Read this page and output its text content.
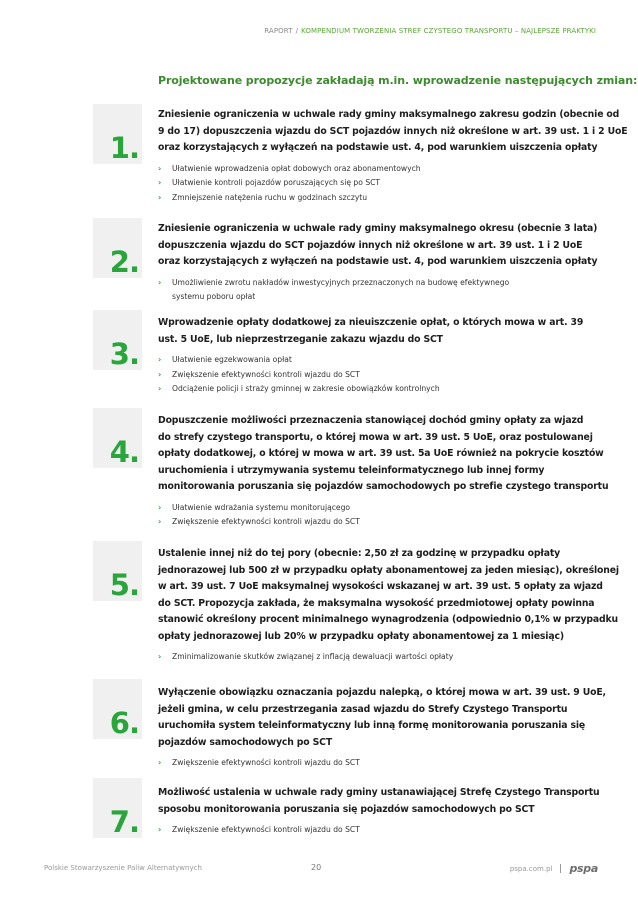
RAPORT / KOMPENDIUM TWORZENIA STREF CZYSTEGO TRANSPORTU – NAJLEPSZE PRAKTYKI
Projektowane propozycje zakładają m.in. wprowadzenie następujących zmian:
1.
Zniesienie ograniczenia w uchwale rady gminy maksymalnego zakresu godzin (obecnie od
9 do 17) dopuszczenia wjazdu do SCT pojazdów innych niż określone w art. 39 ust. 1 i 2 UoE
oraz korzystających z wyłączeń na podstawie ust. 4, pod warunkiem uiszczenia opłaty
› Ułatwienie wprowadzenia opłat dobowych oraz abonamentowych
› Ułatwienie kontroli pojazdów poruszających się po SCT
› Zmniejszenie natężenia ruchu w godzinach szczytu
2.
Zniesienie ograniczenia w uchwale rady gminy maksymalnego okresu (obecnie 3 lata)
dopuszczenia wjazdu do SCT pojazdów innych niż określone w art. 39 ust. 1 i 2 UoE
oraz korzystających z wyłączeń na podstawie ust. 4, pod warunkiem uiszczenia opłaty
› Umożliwienie zwrotu nakładów inwestycyjnych przeznaczonych na budowę efektywnego
systemu poboru opłat
3.
Wprowadzenie opłaty dodatkowej za nieuiszczenie opłat, o których mowa w art. 39
ust. 5 UoE, lub nieprzestrzeganie zakazu wjazdu do SCT
› Ułatwienie egzekwowania opłat
› Zwiększenie efektywności kontroli wjazdu do SCT
› Odciążenie policji i straży gminnej w zakresie obowiązków kontrolnych
4.
Dopuszczenie możliwości przeznaczenia stanowiącej dochód gminy opłaty za wjazd
do strefy czystego transportu, o której mowa w art. 39 ust. 5 UoE, oraz postulowanej
opłaty dodatkowej, o której w mowa w art. 39 ust. 5a UoE również na pokrycie kosztów
uruchomienia i utrzymywania systemu teleinformatycznego lub innej formy
monitorowania poruszania się pojazdów samochodowych po strefie czystego transportu
› Ułatwienie wdrażania systemu monitorującego
› Zwiększenie efektywności kontroli wjazdu do SCT
5.
Ustalenie innej niż do tej pory (obecnie: 2,50 zł za godzinę w przypadku opłaty
jednorazowej lub 500 zł w przypadku opłaty abonamentowej za jeden miesiąc), określonej
w art. 39 ust. 7 UoE maksymalnej wysokości wskazanej w art. 39 ust. 5 opłaty za wjazd
do SCT. Propozycja zakłada, że maksymalna wysokość przedmiotowej opłaty powinna
stanowić określony procent minimalnego wynagrodzenia (odpowiednio 0,1% w przypadku
opłaty jednorazowej lub 20% w przypadku opłaty abonamentowej za 1 miesiąc)
› Zminimalizowanie skutków związanej z inflacją dewaluacji wartości opłaty
6.
Wyłączenie obowiązku oznaczania pojazdu nalepką, o której mowa w art. 39 ust. 9 UoE,
jeżeli gmina, w celu przestrzegania zasad wjazdu do Strefy Czystego Transportu
uruchomiła system teleinformatyczny lub inną formę monitorowania poruszania się
pojazdów samochodowych po SCT
› Zwiększenie efektywności kontroli wjazdu do SCT
7.
Możliwość ustalenia w uchwale rady gminy ustanawiającej Strefę Czystego Transportu
sposobu monitorowania poruszania się pojazdów samochodowych po SCT
› Zwiększenie efektywności kontroli wjazdu do SCT
Polskie Stowarzyszenie Paliw Alternatywnych	20	pspa.com.pl pspa
